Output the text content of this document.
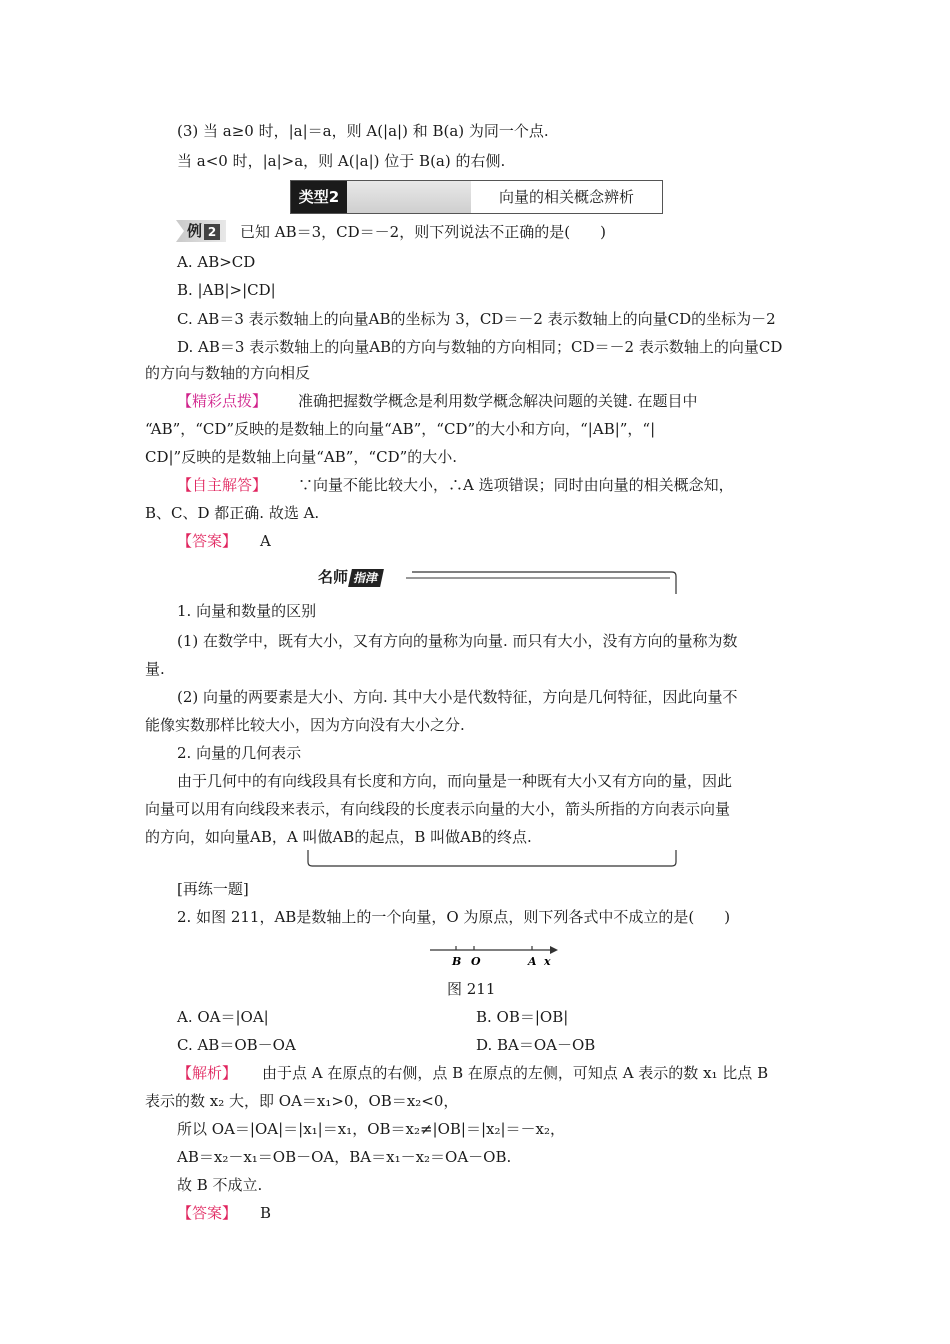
(3) 当 a≥0 时，|a|＝a，则 A(|a|) 和 B(a) 为同一个点.
当 a<0 时，|a|>a，则 A(|a|) 位于 B(a) 的右侧.
类型2	向量的相关概念辨析
例 2 已知 AB＝3，CD＝－2，则下列说法不正确的是(　　)
A. AB>CD
B. |AB|>|CD|
C. AB＝3 表示数轴上的向量AB的坐标为 3，CD＝－2 表示数轴上的向量CD的坐标为－2
D. AB＝3 表示数轴上的向量AB的方向与数轴的方向相同；CD＝－2 表示数轴上的向量CD
的方向与数轴的方向相反
【精彩点拨】 准确把握数学概念是利用数学概念解决问题的关键. 在题目中
“AB”，“CD”反映的是数轴上的向量“AB”，“CD”的大小和方向，“|AB|”，“|
CD|”反映的是数轴上向量“AB”，“CD”的大小.
【自主解答】 ∵向量不能比较大小，∴A 选项错误；同时由向量的相关概念知，
B、C、D 都正确. 故选 A.
【答案】 A
名师 指津
1. 向量和数量的区别
(1) 在数学中，既有大小，又有方向的量称为向量. 而只有大小，没有方向的量称为数
量.
(2) 向量的两要素是大小、方向. 其中大小是代数特征，方向是几何特征，因此向量不
能像实数那样比较大小，因为方向没有大小之分.
2. 向量的几何表示
由于几何中的有向线段具有长度和方向，而向量是一种既有大小又有方向的量，因此
向量可以用有向线段来表示，有向线段的长度表示向量的大小，箭头所指的方向表示向量
的方向，如向量AB，A 叫做AB的起点，B 叫做AB的终点.
[再练一题]
2. 如图 211，AB是数轴上的一个向量，O 为原点，则下列各式中不成立的是(　　)
B O	A x
图 211
A. OA＝|OA|	B. OB＝|OB|
C. AB＝OB－OA	D. BA＝OA－OB
【解析】 由于点 A 在原点的右侧，点 B 在原点的左侧，可知点 A 表示的数 x₁ 比点 B
表示的数 x₂ 大，即 OA＝x₁>0，OB＝x₂<0，
所以 OA＝|OA|＝|x₁|＝x₁，OB＝x₂≠|OB|＝|x₂|＝－x₂，
AB＝x₂－x₁＝OB－OA，BA＝x₁－x₂＝OA－OB.
故 B 不成立.
【答案】 B
